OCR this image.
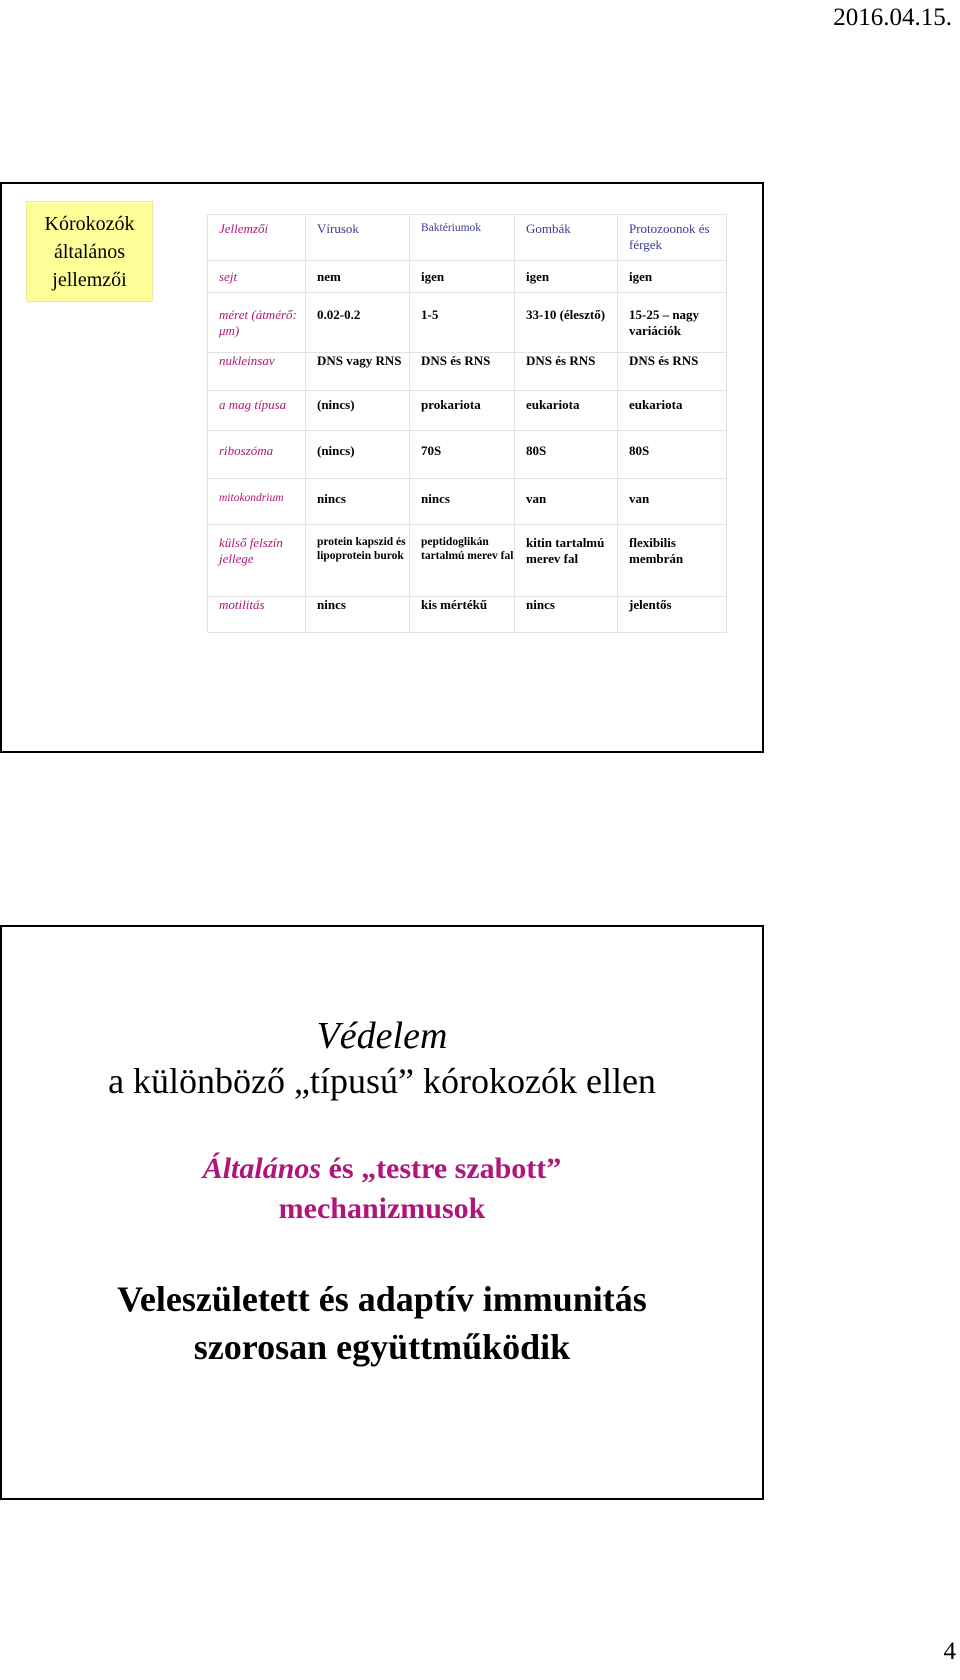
2016.04.15.
Kórokozók
általános
jellemzői
Jellemzői	Vírusok	Baktériumok	Gombák	Protozoonok és férgek
sejt	nem	igen	igen	igen
méret (átmérő: μm)	0.02-0.2	1-5	33-10 (élesztő)	15-25 – nagy variációk
nukleinsav	DNS vagy RNS	DNS és RNS	DNS és RNS	DNS és RNS
a mag típusa	(nincs)	prokariota	eukariota	eukariota
riboszóma	(nincs)	70S	80S	80S
mitokondrium	nincs	nincs	van	van
külső felszín jellege	protein kapszid és lipoprotein burok	peptidoglikán tartalmú merev fal	kitin tartalmú merev fal	flexibilis membrán
motilitás	nincs	kis mértékű	nincs	jelentős
Védelem
a különböző „típusú” kórokozók ellen
Általános és „testre szabott”
mechanizmusok
Veleszületett és adaptív immunitás
szorosan együttműködik
4
